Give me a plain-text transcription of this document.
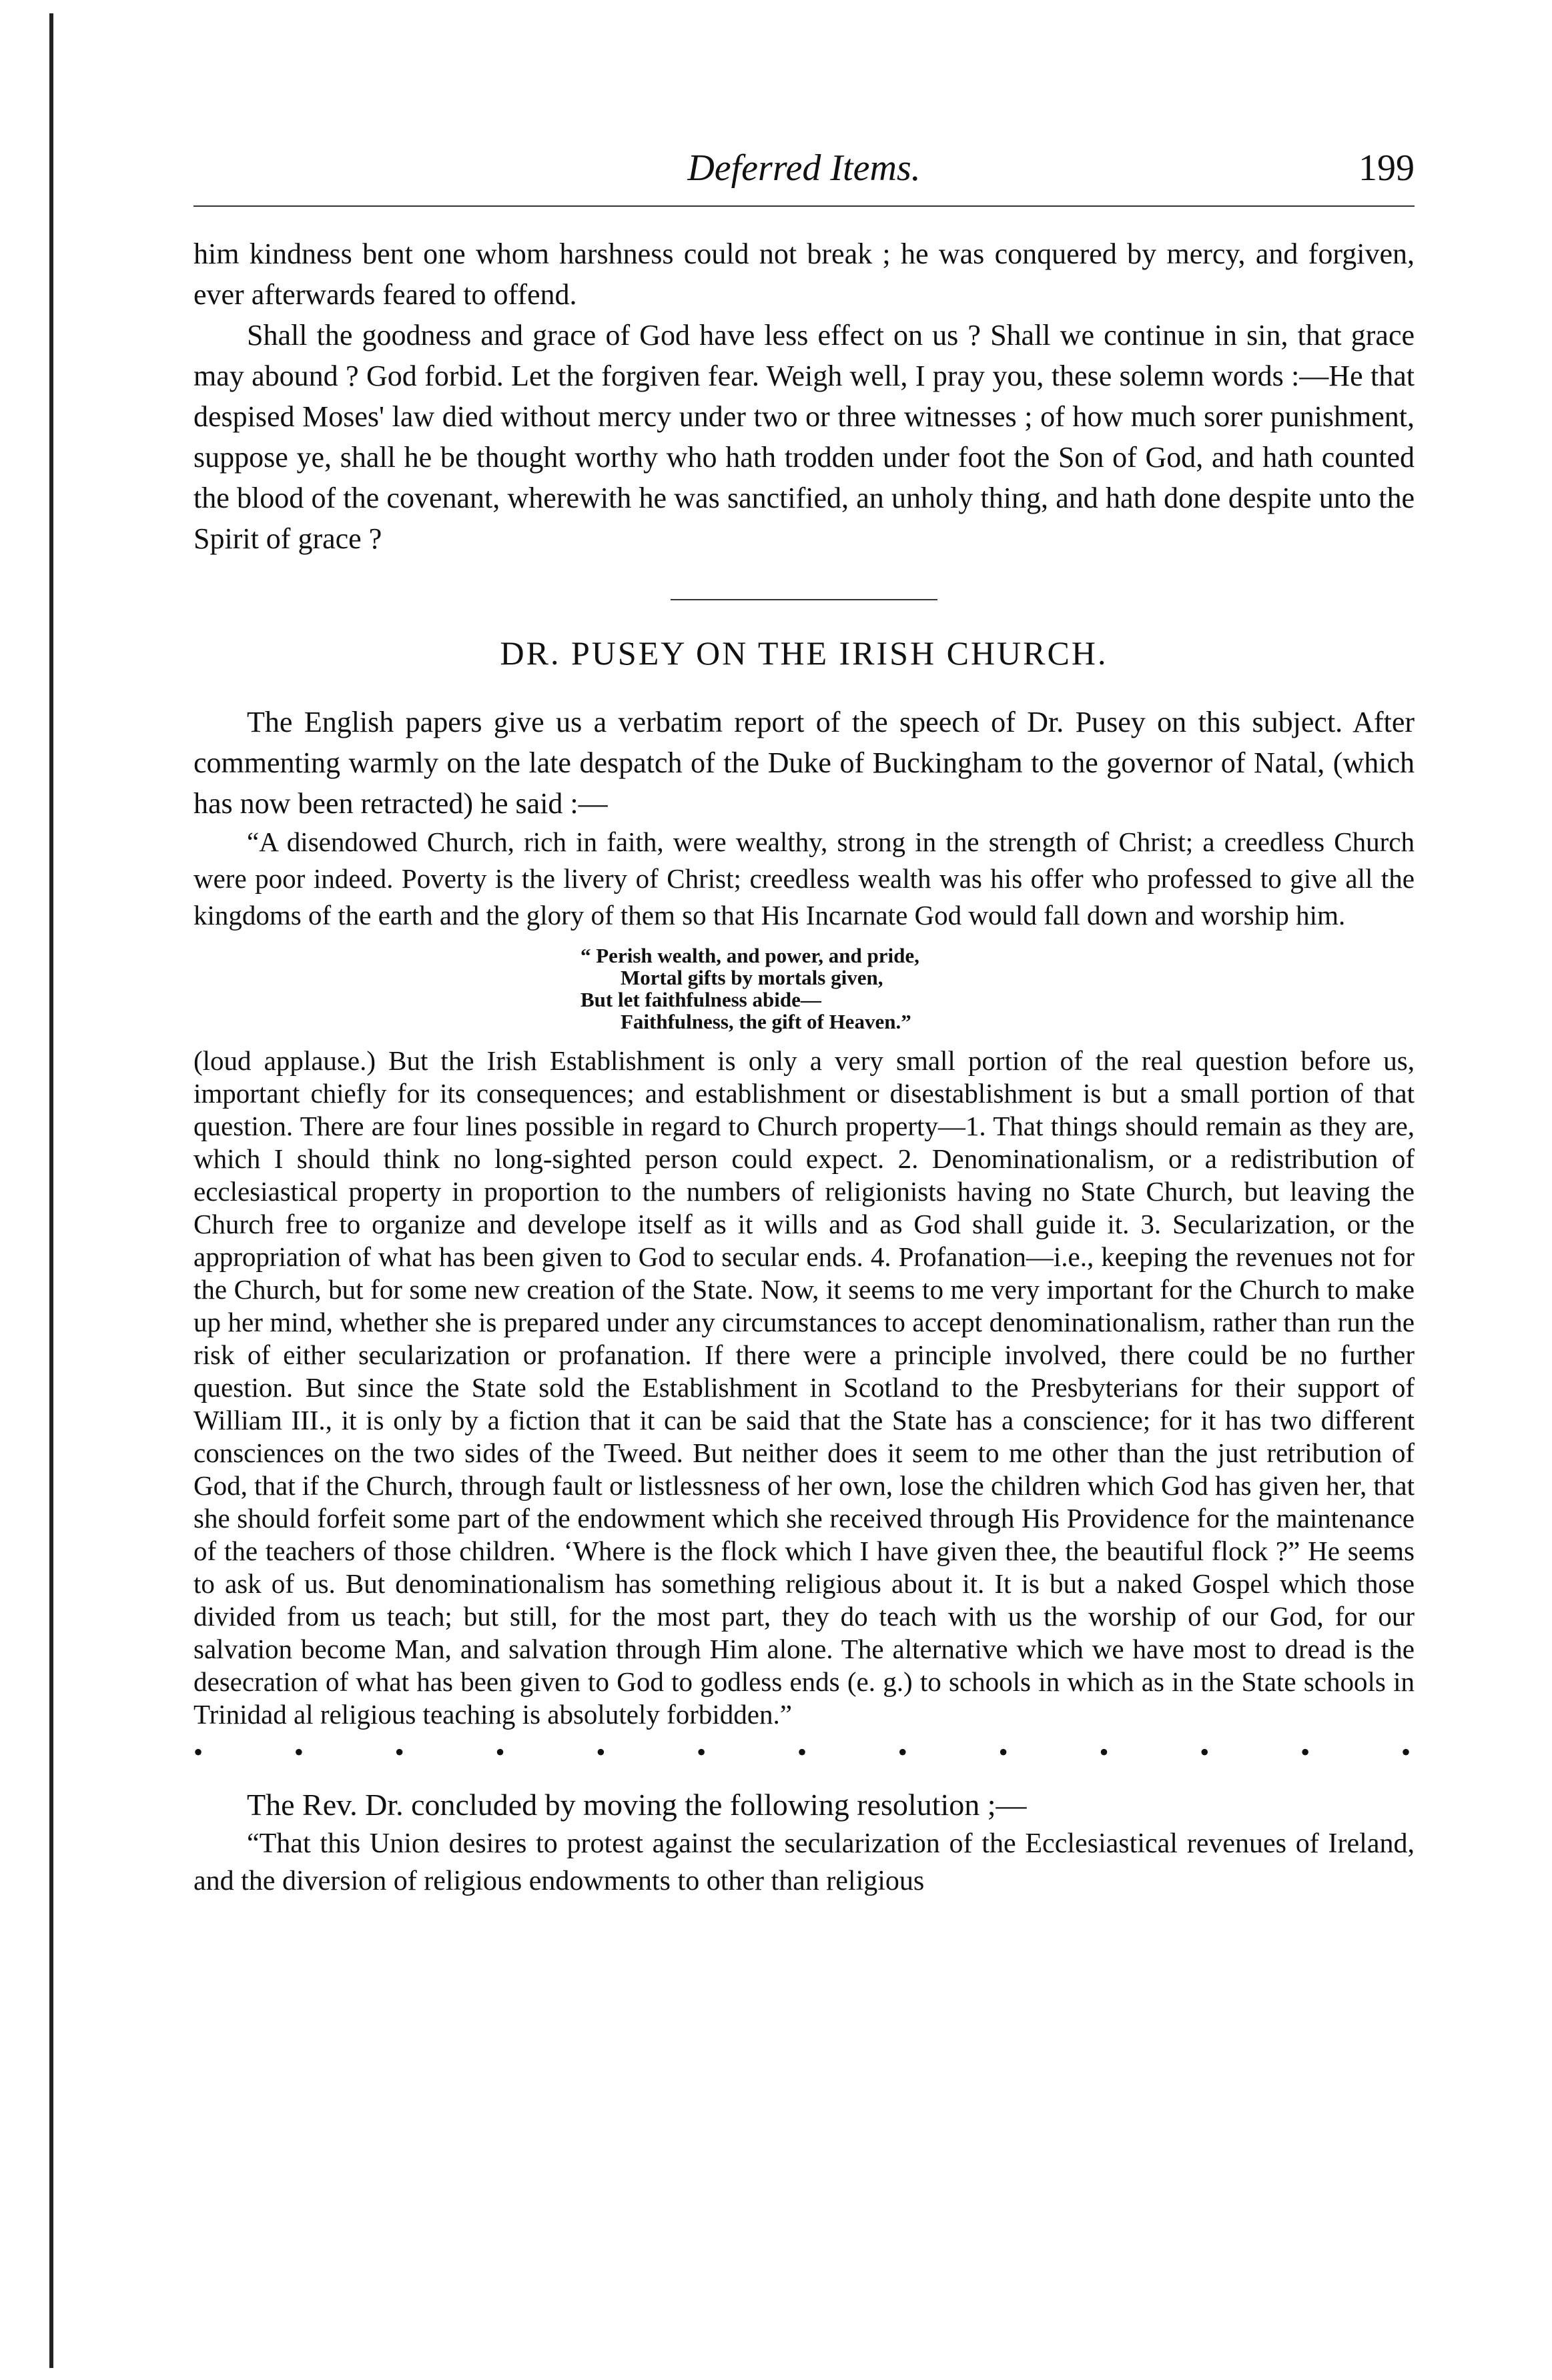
Deferred Items.	199

him kindness bent one whom harshness could not break ; he was conquered by mercy, and forgiven, ever afterwards feared to offend.

Shall the goodness and grace of God have less effect on us ? Shall we continue in sin, that grace may abound ? God forbid. Let the forgiven fear. Weigh well, I pray you, these solemn words :—He that despised Moses' law died without mercy under two or three witnesses ; of how much sorer punishment, suppose ye, shall he be thought worthy who hath trodden under foot the Son of God, and hath counted the blood of the covenant, wherewith he was sanctified, an unholy thing, and hath done despite unto the Spirit of grace ?

DR. PUSEY ON THE IRISH CHURCH.

The English papers give us a verbatim report of the speech of Dr. Pusey on this subject. After commenting warmly on the late despatch of the Duke of Buckingham to the governor of Natal, (which has now been retracted) he said :—

“A disendowed Church, rich in faith, were wealthy, strong in the strength of Christ; a creedless Church were poor indeed. Poverty is the livery of Christ; creedless wealth was his offer who professed to give all the kingdoms of the earth and the glory of them so that His Incarnate God would fall down and worship him.

“ Perish wealth, and power, and pride,
Mortal gifts by mortals given,
But let faithfulness abide—
Faithfulness, the gift of Heaven.”

(loud applause.) But the Irish Establishment is only a very small portion of the real question before us, important chiefly for its consequences; and establishment or disestablishment is but a small portion of that question. There are four lines possible in regard to Church property—1. That things should remain as they are, which I should think no long-sighted person could expect. 2. Denominationalism, or a redistribution of ecclesiastical property in proportion to the numbers of religionists having no State Church, but leaving the Church free to organize and develope itself as it wills and as God shall guide it. 3. Secularization, or the appropriation of what has been given to God to secular ends. 4. Profanation—i.e., keeping the revenues not for the Church, but for some new creation of the State. Now, it seems to me very important for the Church to make up her mind, whether she is prepared under any circumstances to accept denominationalism, rather than run the risk of either secularization or profanation. If there were a principle involved, there could be no further question. But since the State sold the Establishment in Scotland to the Presbyterians for their support of William III., it is only by a fiction that it can be said that the State has a conscience; for it has two different consciences on the two sides of the Tweed. But neither does it seem to me other than the just retribution of God, that if the Church, through fault or listlessness of her own, lose the children which God has given her, that she should forfeit some part of the endowment which she received through His Providence for the maintenance of the teachers of those children. ‘Where is the flock which I have given thee, the beautiful flock ?” He seems to ask of us. But denominationalism has something religious about it. It is but a naked Gospel which those divided from us teach; but still, for the most part, they do teach with us the worship of our God, for our salvation become Man, and salvation through Him alone. The alternative which we have most to dread is the desecration of what has been given to God to godless ends (e. g.) to schools in which as in the State schools in Trinidad al religious teaching is absolutely forbidden.”

•	•	•	•	•	•	•	•	•	•	•	•	•

The Rev. Dr. concluded by moving the following resolution ;—

“That this Union desires to protest against the secularization of the Ecclesiastical revenues of Ireland, and the diversion of religious endowments to other than religious
